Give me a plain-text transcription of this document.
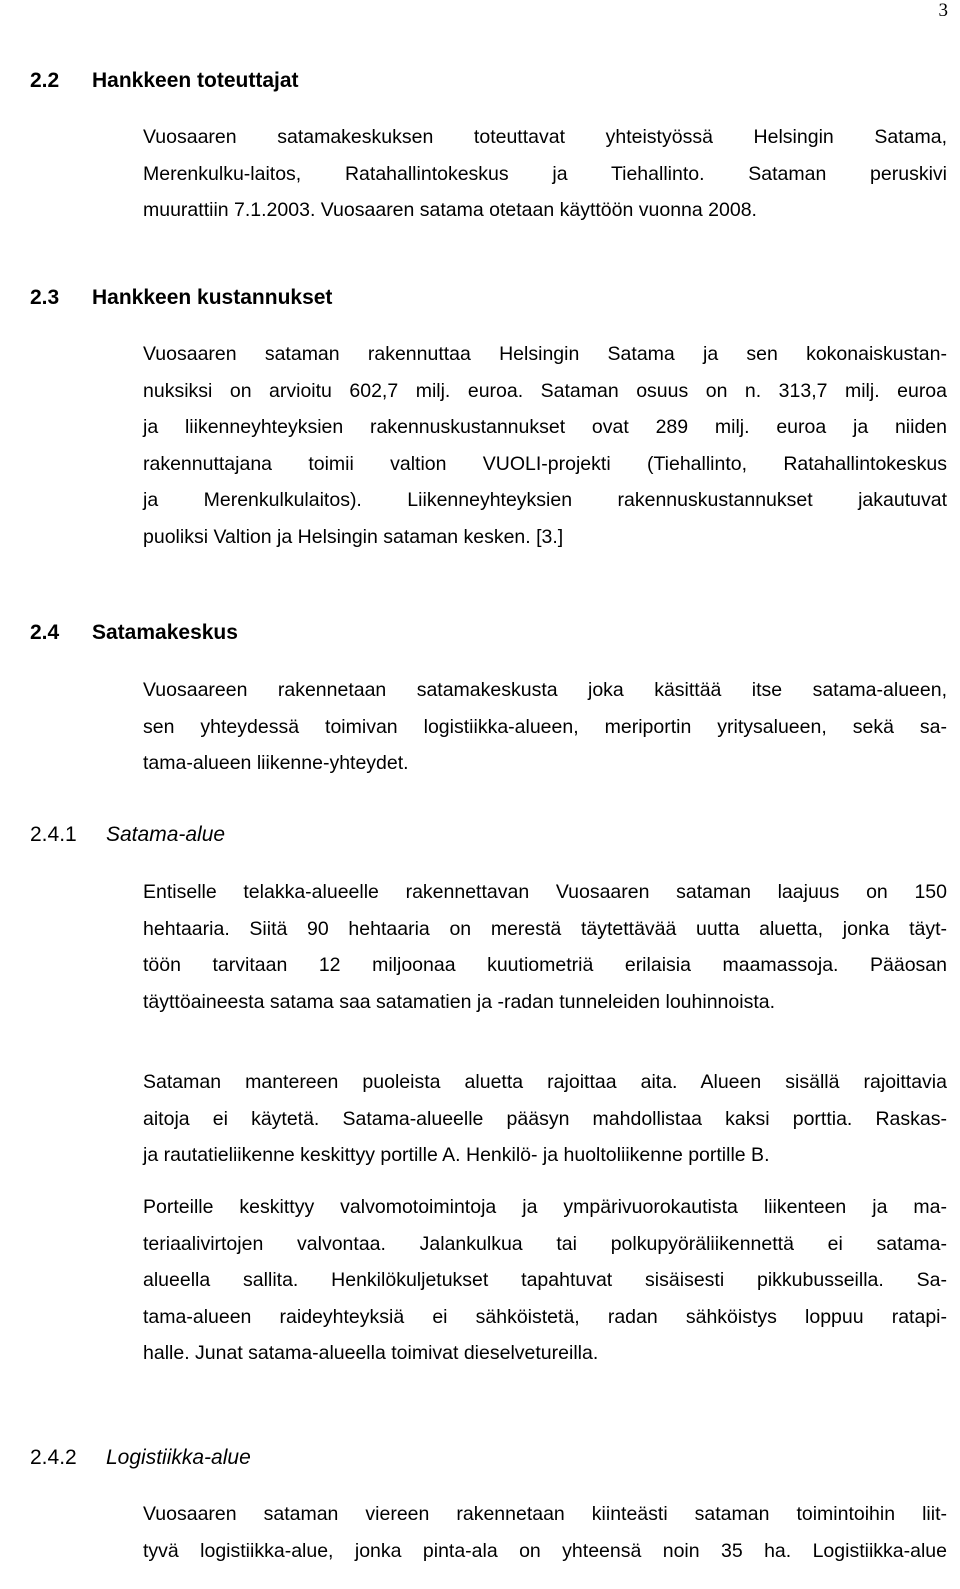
3
2.2 Hankkeen toteuttajat
Vuosaaren satamakeskuksen toteuttavat yhteistyössä Helsingin Satama,
Merenkulku-laitos, Ratahallintokeskus ja Tiehallinto. Sataman peruskivi
muurattiin 7.1.2003. Vuosaaren satama otetaan käyttöön vuonna 2008.
2.3 Hankkeen kustannukset
Vuosaaren sataman rakennuttaa Helsingin Satama ja sen kokonaiskustan-
nuksiksi on arvioitu 602,7 milj. euroa. Sataman osuus on n. 313,7 milj. euroa
ja liikenneyhteyksien rakennuskustannukset ovat 289 milj. euroa ja niiden
rakennuttajana toimii valtion VUOLI-projekti (Tiehallinto, Ratahallintokeskus
ja Merenkulkulaitos). Liikenneyhteyksien rakennuskustannukset jakautuvat
puoliksi Valtion ja Helsingin sataman kesken. [3.]
2.4 Satamakeskus
Vuosaareen rakennetaan satamakeskusta joka käsittää itse satama-alueen,
sen yhteydessä toimivan logistiikka-alueen, meriportin yritysalueen, sekä sa-
tama-alueen liikenne-yhteydet.
2.4.1 Satama-alue
Entiselle telakka-alueelle rakennettavan Vuosaaren sataman laajuus on 150
hehtaaria. Siitä 90 hehtaaria on merestä täytettävää uutta aluetta, jonka täyt-
töön tarvitaan 12 miljoonaa kuutiometriä erilaisia maamassoja. Pääosan
täyttöaineesta satama saa satamatien ja -radan tunneleiden louhinnoista.
Sataman mantereen puoleista aluetta rajoittaa aita. Alueen sisällä rajoittavia
aitoja ei käytetä. Satama-alueelle pääsyn mahdollistaa kaksi porttia. Raskas-
ja rautatieliikenne keskittyy portille A. Henkilö- ja huoltoliikenne portille B.
Porteille keskittyy valvomotoimintoja ja ympärivuorokautista liikenteen ja ma-
teriaalivirtojen valvontaa. Jalankulkua tai polkupyöräliikennettä ei satama-
alueella sallita. Henkilökuljetukset tapahtuvat sisäisesti pikkubusseilla. Sa-
tama-alueen raideyhteyksiä ei sähköistetä, radan sähköistys loppuu ratapi-
halle. Junat satama-alueella toimivat dieselvetureilla.
2.4.2 Logistiikka-alue
Vuosaaren sataman viereen rakennetaan kiinteästi sataman toimintoihin liit-
tyvä logistiikka-alue, jonka pinta-ala on yhteensä noin 35 ha. Logistiikka-alue
